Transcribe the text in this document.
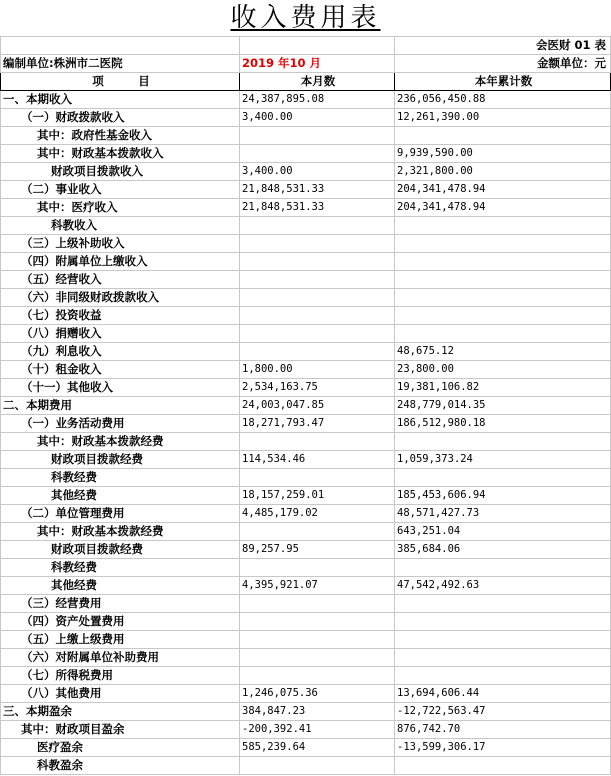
收入费用表
		会医财 01 表
编制单位:株洲市二医院	2019 年10 月	金额单位：元
项　　　目	本月数	本年累计数
一、本期收入	24,387,895.08	236,056,450.88
（一）财政拨款收入	3,400.00	12,261,390.00
其中：政府性基金收入		
其中：财政基本拨款收入		9,939,590.00
财政项目拨款收入	3,400.00	2,321,800.00
（二）事业收入	21,848,531.33	204,341,478.94
其中：医疗收入	21,848,531.33	204,341,478.94
科教收入		
（三）上级补助收入		
（四）附属单位上缴收入		
（五）经营收入		
（六）非同级财政拨款收入		
（七）投资收益		
（八）捐赠收入		
（九）利息收入		48,675.12
（十）租金收入	1,800.00	23,800.00
（十一）其他收入	2,534,163.75	19,381,106.82
二、本期费用	24,003,047.85	248,779,014.35
（一）业务活动费用	18,271,793.47	186,512,980.18
其中：财政基本拨款经费		
财政项目拨款经费	114,534.46	1,059,373.24
科教经费		
其他经费	18,157,259.01	185,453,606.94
（二）单位管理费用	4,485,179.02	48,571,427.73
其中：财政基本拨款经费		643,251.04
财政项目拨款经费	89,257.95	385,684.06
科教经费		
其他经费	4,395,921.07	47,542,492.63
（三）经营费用		
（四）资产处置费用		
（五）上缴上级费用		
（六）对附属单位补助费用		
（七）所得税费用		
（八）其他费用	1,246,075.36	13,694,606.44
三、本期盈余	384,847.23	-12,722,563.47
其中：财政项目盈余	-200,392.41	876,742.70
医疗盈余	585,239.64	-13,599,306.17
科教盈余		
